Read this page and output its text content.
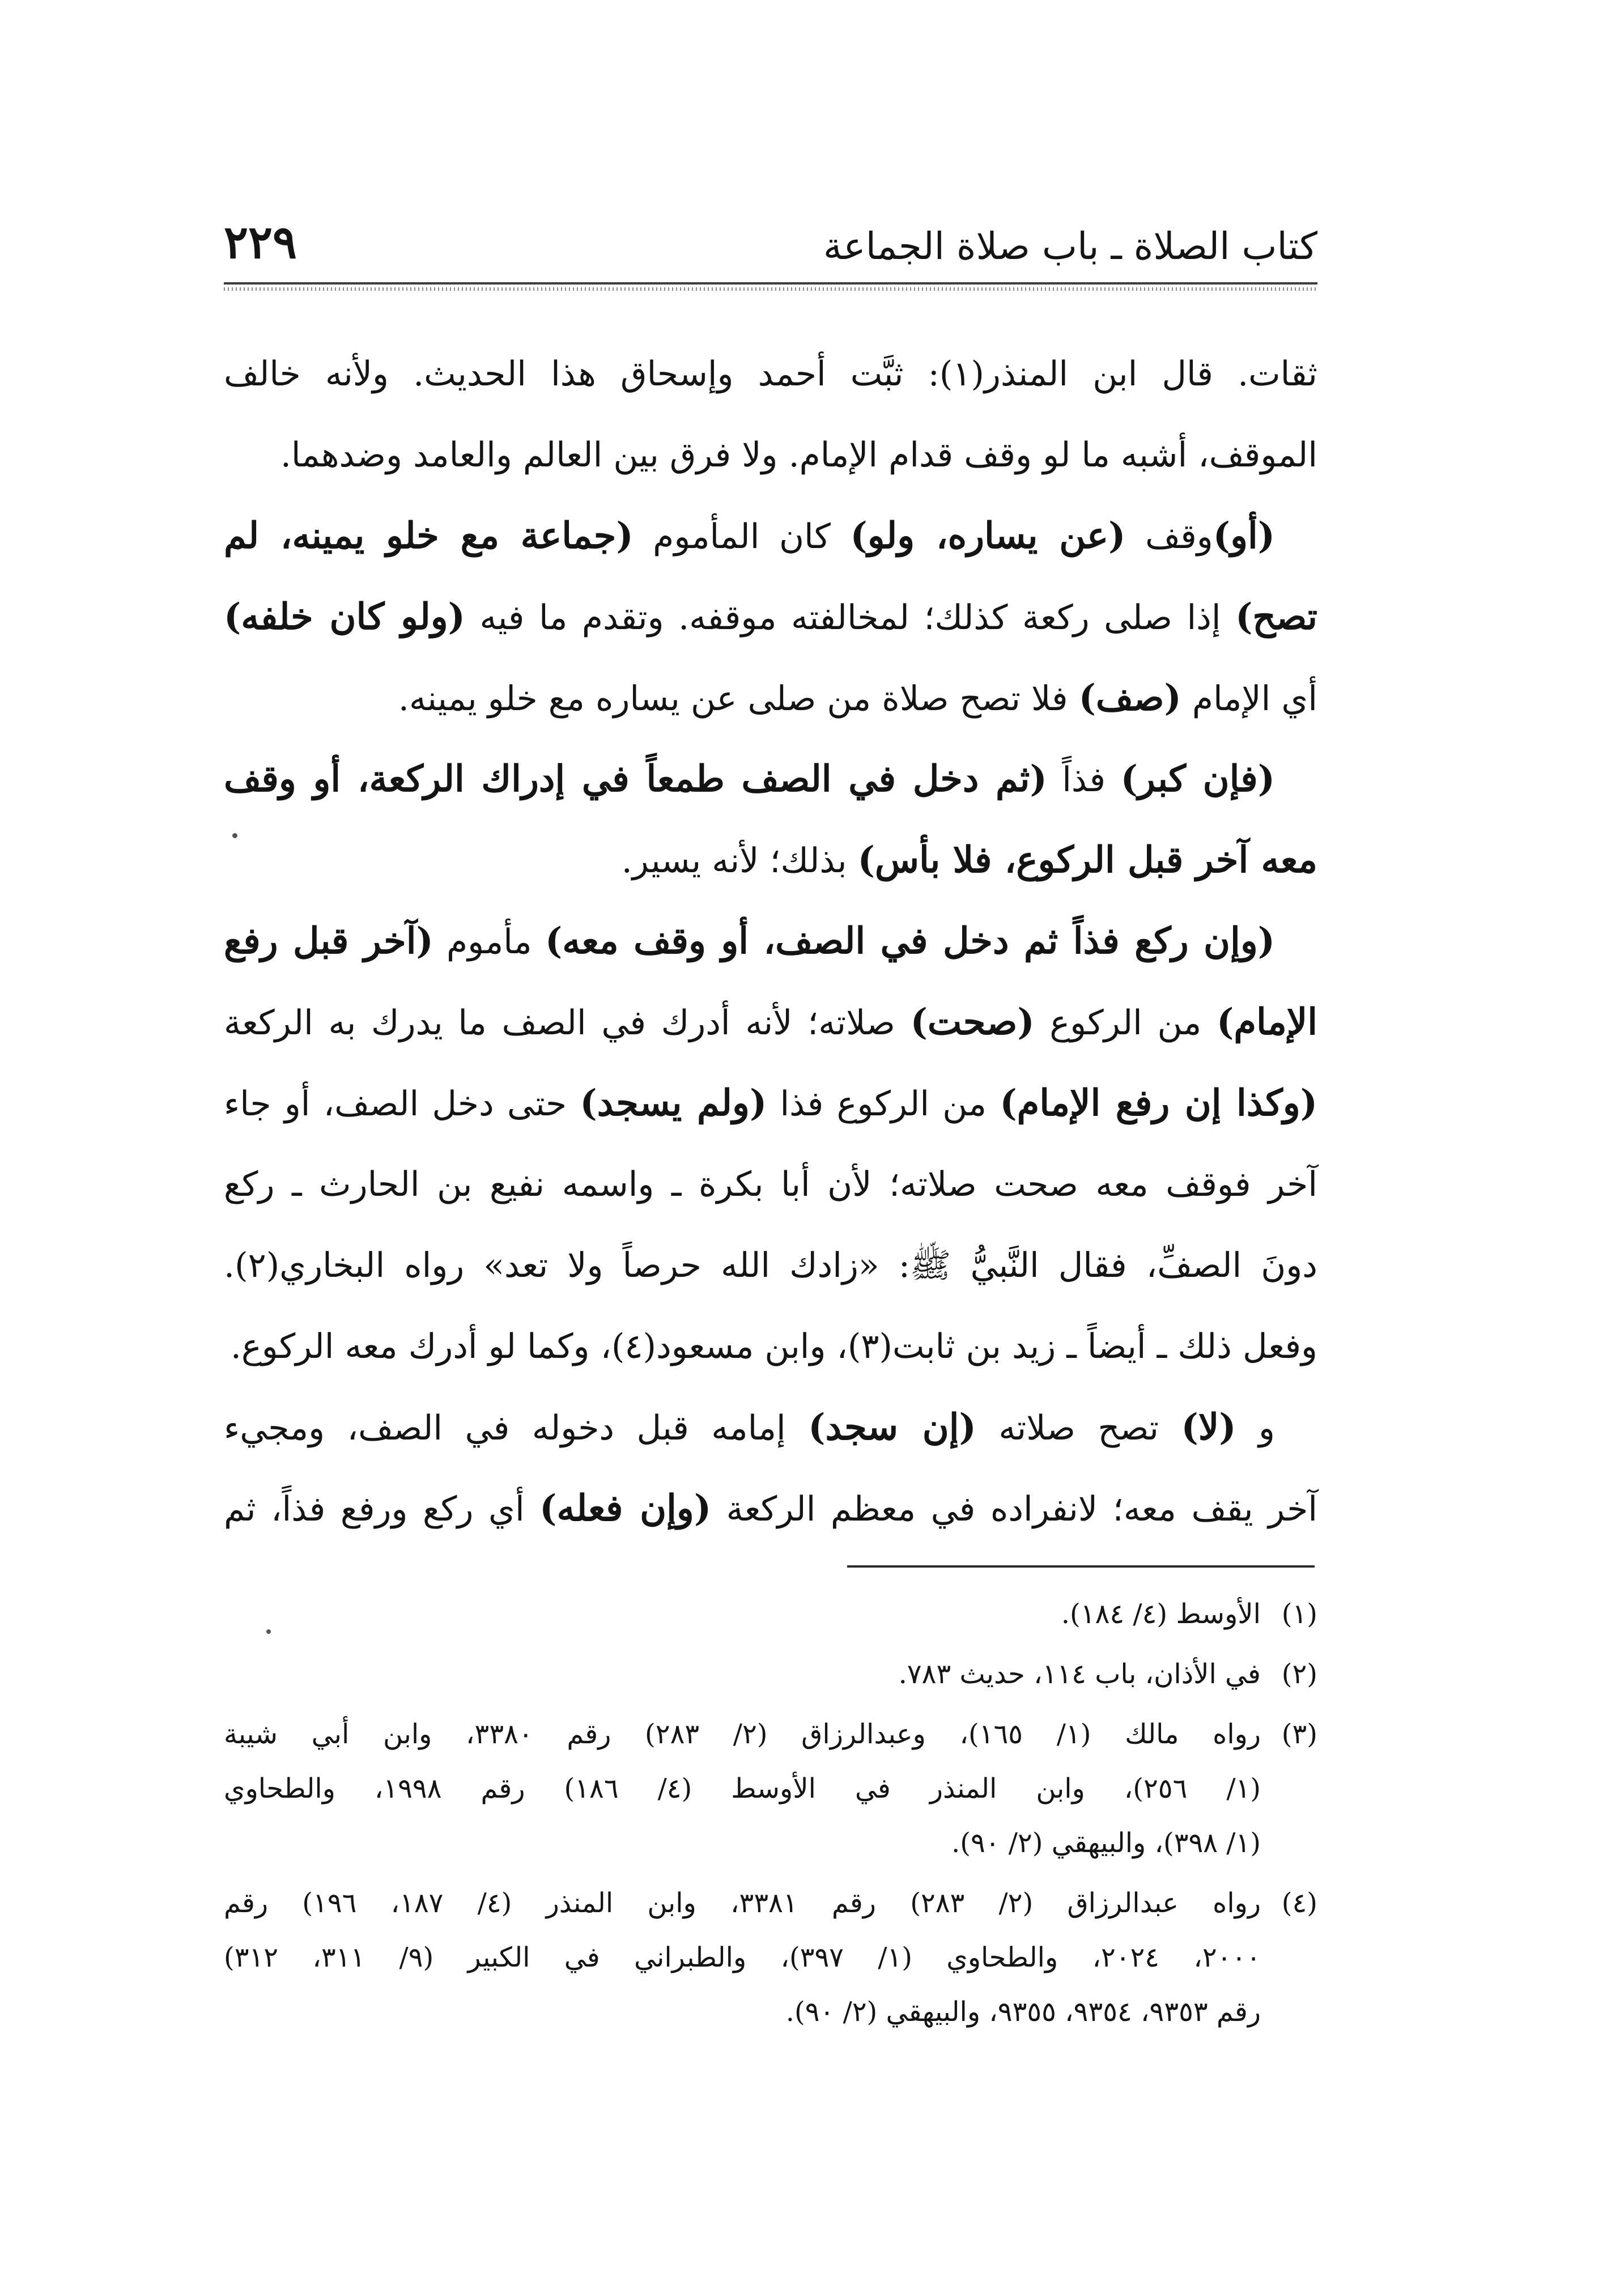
كتاب الصلاة ـ باب صلاة الجماعة
٢٢٩
ثقات. قال ابن المنذر(١): ثبَّت أحمد وإسحاق هذا الحديث. ولأنه خالف
الموقف، أشبه ما لو وقف قدام الإمام. ولا فرق بين العالم والعامد وضدهما.
(أو)وقف (عن يساره، ولو) كان المأموم (جماعة مع خلو يمينه، لم
تصح) إذا صلى ركعة كذلك؛ لمخالفته موقفه. وتقدم ما فيه (ولو كان خلفه)
أي الإمام (صف) فلا تصح صلاة من صلى عن يساره مع خلو يمينه.
(فإن كبر) فذاً (ثم دخل في الصف طمعاً في إدراك الركعة، أو وقف
معه آخر قبل الركوع، فلا بأس) بذلك؛ لأنه يسير.
(وإن ركع فذاً ثم دخل في الصف، أو وقف معه) مأموم (آخر قبل رفع
الإمام) من الركوع (صحت) صلاته؛ لأنه أدرك في الصف ما يدرك به الركعة
(وكذا إن رفع الإمام) من الركوع فذا (ولم يسجد) حتى دخل الصف، أو جاء
آخر فوقف معه صحت صلاته؛ لأن أبا بكرة ـ واسمه نفيع بن الحارث ـ ركع
دونَ الصفِّ، فقال النَّبيُّ ﷺ: «زادك الله حرصاً ولا تعد» رواه البخاري(٢).
وفعل ذلك ـ أيضاً ـ زيد بن ثابت(٣)، وابن مسعود(٤)، وكما لو أدرك معه الركوع.
و (لا) تصح صلاته (إن سجد) إمامه قبل دخوله في الصف، ومجيء
آخر يقف معه؛ لانفراده في معظم الركعة (وإن فعله) أي ركع ورفع فذاً، ثم
(١)
الأوسط (٤/ ١٨٤).
(٢)
في الأذان، باب ١١٤، حديث ٧٨٣.
(٣)
رواه مالك (١/ ١٦٥)، وعبدالرزاق (٢/ ٢٨٣) رقم ٣٣٨٠، وابن أبي شيبة
(١/ ٢٥٦)، وابن المنذر في الأوسط (٤/ ١٨٦) رقم ١٩٩٨، والطحاوي
(١/ ٣٩٨)، والبيهقي (٢/ ٩٠).
(٤)
رواه عبدالرزاق (٢/ ٢٨٣) رقم ٣٣٨١، وابن المنذر (٤/ ١٨٧، ١٩٦) رقم
٢٠٠٠، ٢٠٢٤، والطحاوي (١/ ٣٩٧)، والطبراني في الكبير (٩/ ٣١١، ٣١٢)
رقم ٩٣٥٣، ٩٣٥٤، ٩٣٥٥، والبيهقي (٢/ ٩٠).
